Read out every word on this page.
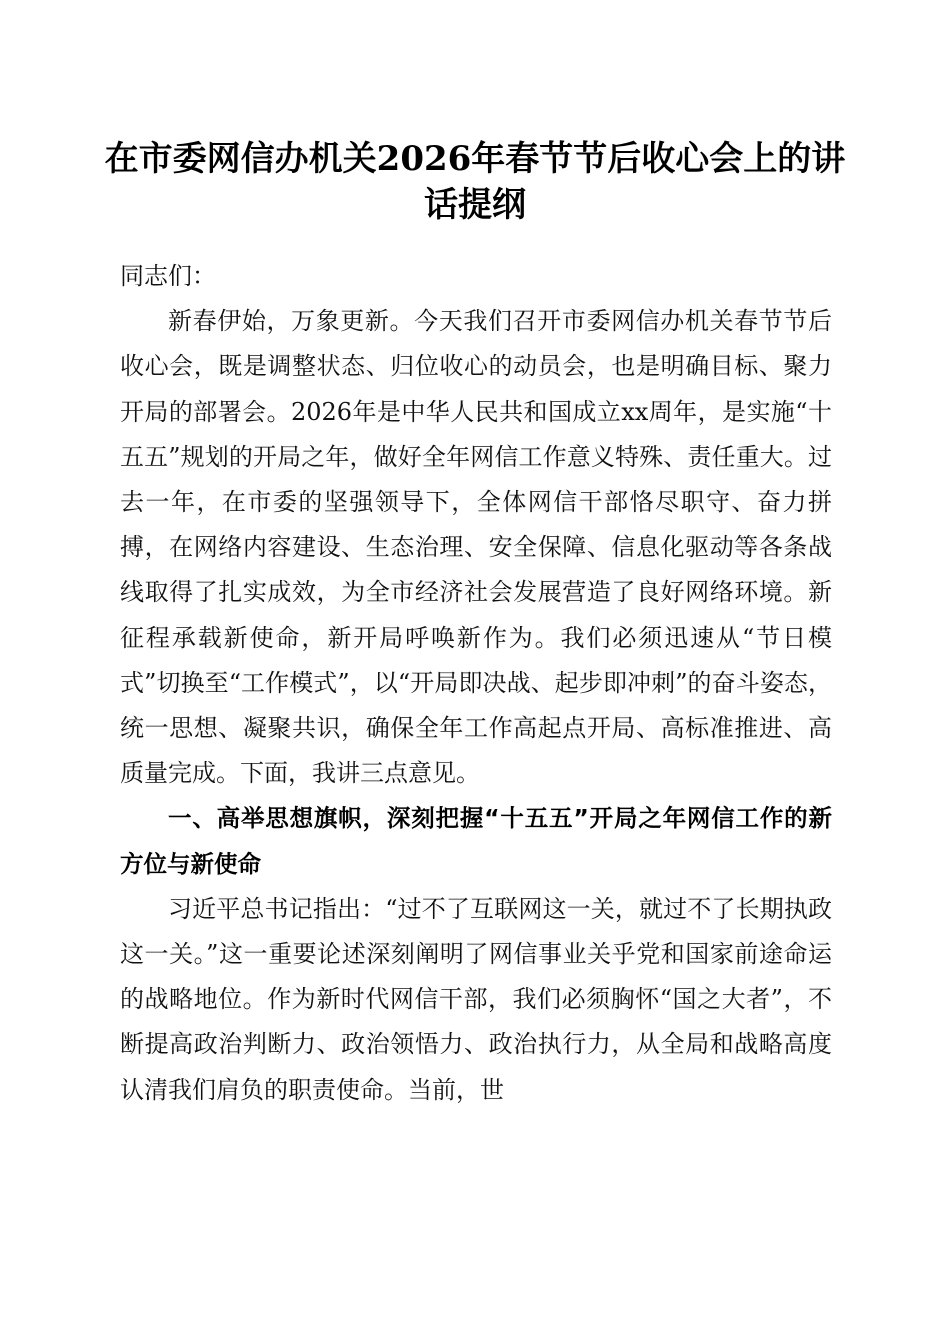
在市委网信办机关2026年春节节后收心会上的讲话提纲

同志们：

新春伊始，万象更新。今天我们召开市委网信办机关春节节后收心会，既是调整状态、归位收心的动员会，也是明确目标、聚力开局的部署会。2026年是中华人民共和国成立xx周年，是实施“十五五”规划的开局之年，做好全年网信工作意义特殊、责任重大。过去一年，在市委的坚强领导下，全体网信干部恪尽职守、奋力拼搏，在网络内容建设、生态治理、安全保障、信息化驱动等各条战线取得了扎实成效，为全市经济社会发展营造了良好网络环境。新征程承载新使命，新开局呼唤新作为。我们必须迅速从“节日模式”切换至“工作模式”，以“开局即决战、起步即冲刺”的奋斗姿态，统一思想、凝聚共识，确保全年工作高起点开局、高标准推进、高质量完成。下面，我讲三点意见。

一、高举思想旗帜，深刻把握“十五五”开局之年网信工作的新方位与新使命

习近平总书记指出：“过不了互联网这一关，就过不了长期执政这一关。”这一重要论述深刻阐明了网信事业关乎党和国家前途命运的战略地位。作为新时代网信干部，我们必须胸怀“国之大者”，不断提高政治判断力、政治领悟力、政治执行力，从全局和战略高度认清我们肩负的职责使命。当前，世
